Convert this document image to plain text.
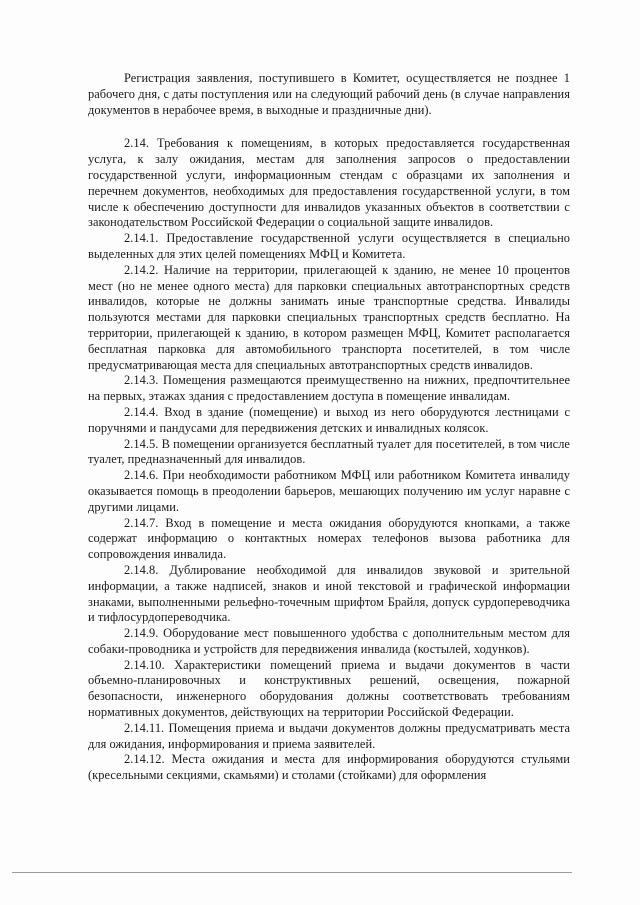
Регистрация заявления, поступившего в Комитет, осуществляется не позднее 1 рабочего дня, с даты поступления или на следующий рабочий день (в случае направления документов в нерабочее время, в выходные и праздничные дни).

2.14. Требования к помещениям, в которых предоставляется государственная услуга, к залу ожидания, местам для заполнения запросов о предоставлении государственной услуги, информационным стендам с образцами их заполнения и перечнем документов, необходимых для предоставления государственной услуги, в том числе к обеспечению доступности для инвалидов указанных объектов в соответствии с законодательством Российской Федерации о социальной защите инвалидов.

2.14.1. Предоставление государственной услуги осуществляется в специально выделенных для этих целей помещениях МФЦ и Комитета.

2.14.2. Наличие на территории, прилегающей к зданию, не менее 10 процентов мест (но не менее одного места) для парковки специальных автотранспортных средств инвалидов, которые не должны занимать иные транспортные средства. Инвалиды пользуются местами для парковки специальных транспортных средств бесплатно. На территории, прилегающей к зданию, в котором размещен МФЦ, Комитет располагается бесплатная парковка для автомобильного транспорта посетителей, в том числе предусматривающая места для специальных автотранспортных средств инвалидов.

2.14.3. Помещения размещаются преимущественно на нижних, предпочтительнее на первых, этажах здания с предоставлением доступа в помещение инвалидам.

2.14.4. Вход в здание (помещение) и выход из него оборудуются лестницами с поручнями и пандусами для передвижения детских и инвалидных колясок.

2.14.5. В помещении организуется бесплатный туалет для посетителей, в том числе туалет, предназначенный для инвалидов.

2.14.6. При необходимости работником МФЦ или работником Комитета инвалиду оказывается помощь в преодолении барьеров, мешающих получению им услуг наравне с другими лицами.

2.14.7. Вход в помещение и места ожидания оборудуются кнопками, а также содержат информацию о контактных номерах телефонов вызова работника для сопровождения инвалида.

2.14.8. Дублирование необходимой для инвалидов звуковой и зрительной информации, а также надписей, знаков и иной текстовой и графической информации знаками, выполненными рельефно-точечным шрифтом Брайля, допуск сурдопереводчика и тифлосурдопереводчика.

2.14.9. Оборудование мест повышенного удобства с дополнительным местом для собаки-проводника и устройств для передвижения инвалида (костылей, ходунков).

2.14.10. Характеристики помещений приема и выдачи документов в части объемно-планировочных и конструктивных решений, освещения, пожарной безопасности, инженерного оборудования должны соответствовать требованиям нормативных документов, действующих на территории Российской Федерации.

2.14.11. Помещения приема и выдачи документов должны предусматривать места для ожидания, информирования и приема заявителей.

2.14.12. Места ожидания и места для информирования оборудуются стульями (кресельными секциями, скамьями) и столами (стойками) для оформления
